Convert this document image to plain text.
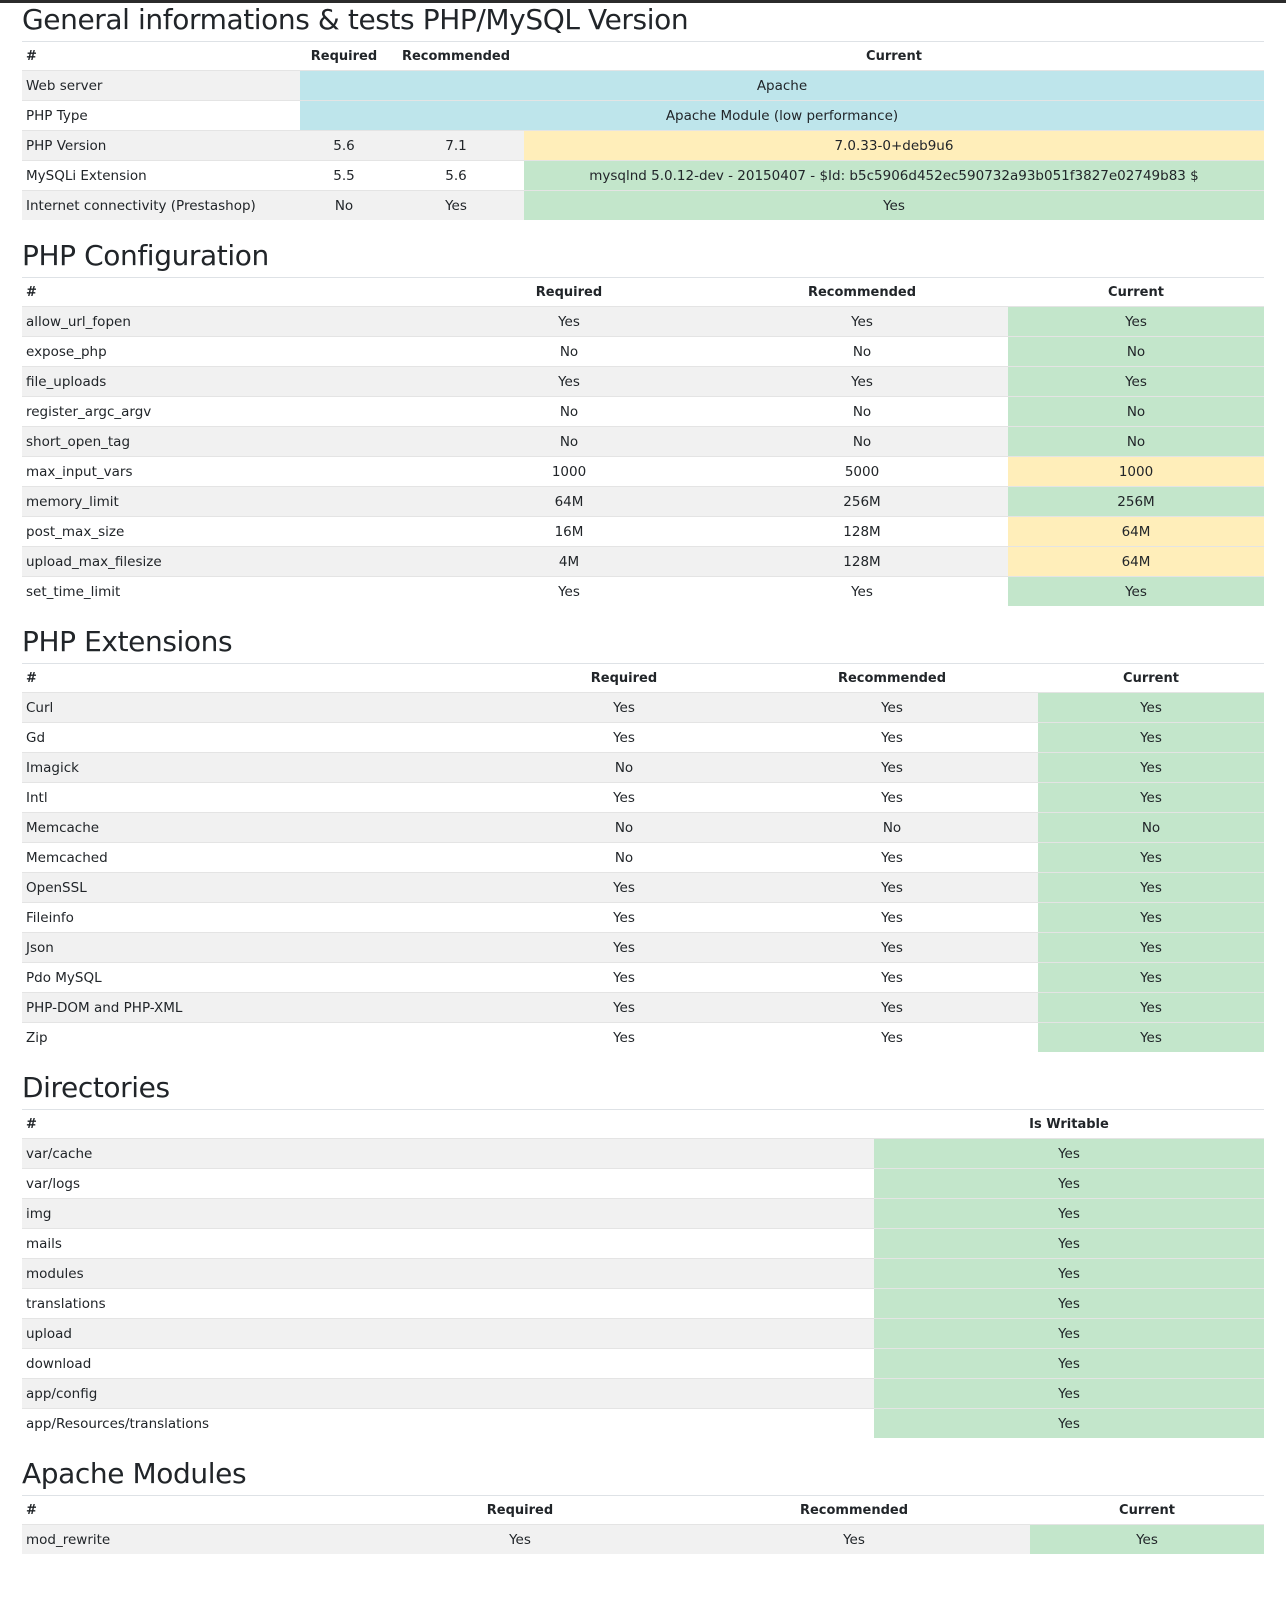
General informations & tests PHP/MySQL Version
#	Required	Recommended	Current
Web server	Apache		
PHP Type	Apache Module (low performance)		
PHP Version	5.6	7.1	7.0.33-0+deb9u6
MySQLi Extension	5.5	5.6	mysqlnd 5.0.12-dev - 20150407 - $Id: b5c5906d452ec590732a93b051f3827e02749b83 $
Internet connectivity (Prestashop)	No	Yes	Yes
PHP Configuration
#	Required	Recommended	Current
allow_url_fopen	Yes	Yes	Yes
expose_php	No	No	No
file_uploads	Yes	Yes	Yes
register_argc_argv	No	No	No
short_open_tag	No	No	No
max_input_vars	1000	5000	1000
memory_limit	64M	256M	256M
post_max_size	16M	128M	64M
upload_max_filesize	4M	128M	64M
set_time_limit	Yes	Yes	Yes
PHP Extensions
#	Required	Recommended	Current
Curl	Yes	Yes	Yes
Gd	Yes	Yes	Yes
Imagick	No	Yes	Yes
Intl	Yes	Yes	Yes
Memcache	No	No	No
Memcached	No	Yes	Yes
OpenSSL	Yes	Yes	Yes
Fileinfo	Yes	Yes	Yes
Json	Yes	Yes	Yes
Pdo MySQL	Yes	Yes	Yes
PHP-DOM and PHP-XML	Yes	Yes	Yes
Zip	Yes	Yes	Yes
Directories
#	Is Writable
var/cache	Yes
var/logs	Yes
img	Yes
mails	Yes
modules	Yes
translations	Yes
upload	Yes
download	Yes
app/config	Yes
app/Resources/translations	Yes
Apache Modules
#	Required	Recommended	Current
mod_rewrite	Yes	Yes	Yes
